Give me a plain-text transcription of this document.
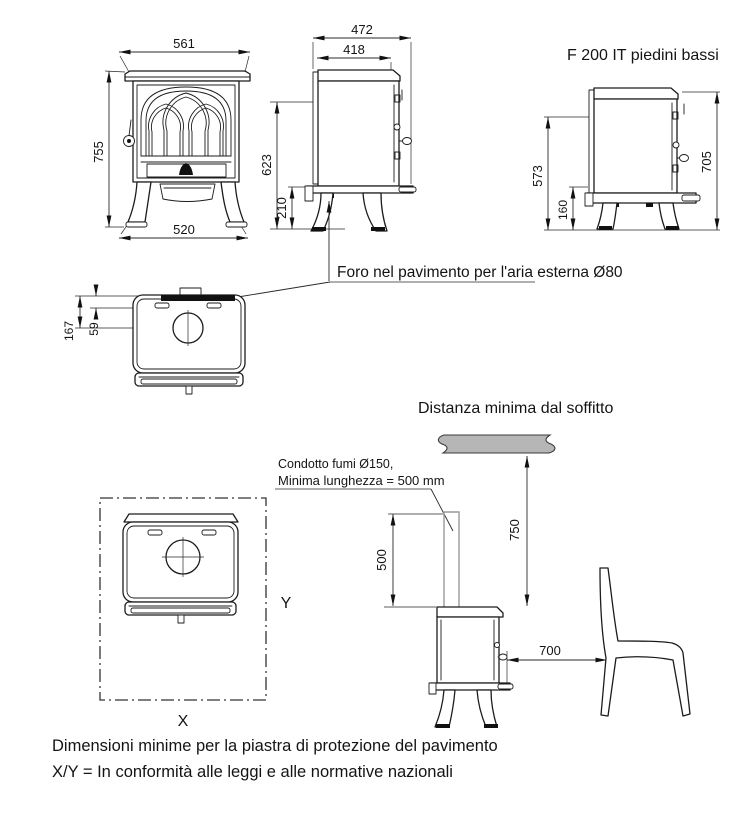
561
755
520
472
418
623
210
Foro nel pavimento per l'aria esterna Ø80
F 200 IT piedini bassi
705
573
160
167 59
Y
X
Distanza minima dal soffitto
Condotto fumi Ø150,
Minima lunghezza = 500 mm
500
750
700
Dimensioni minime per la piastra di protezione del pavimento
X/Y = In conformità alle leggi e alle normative nazionali
